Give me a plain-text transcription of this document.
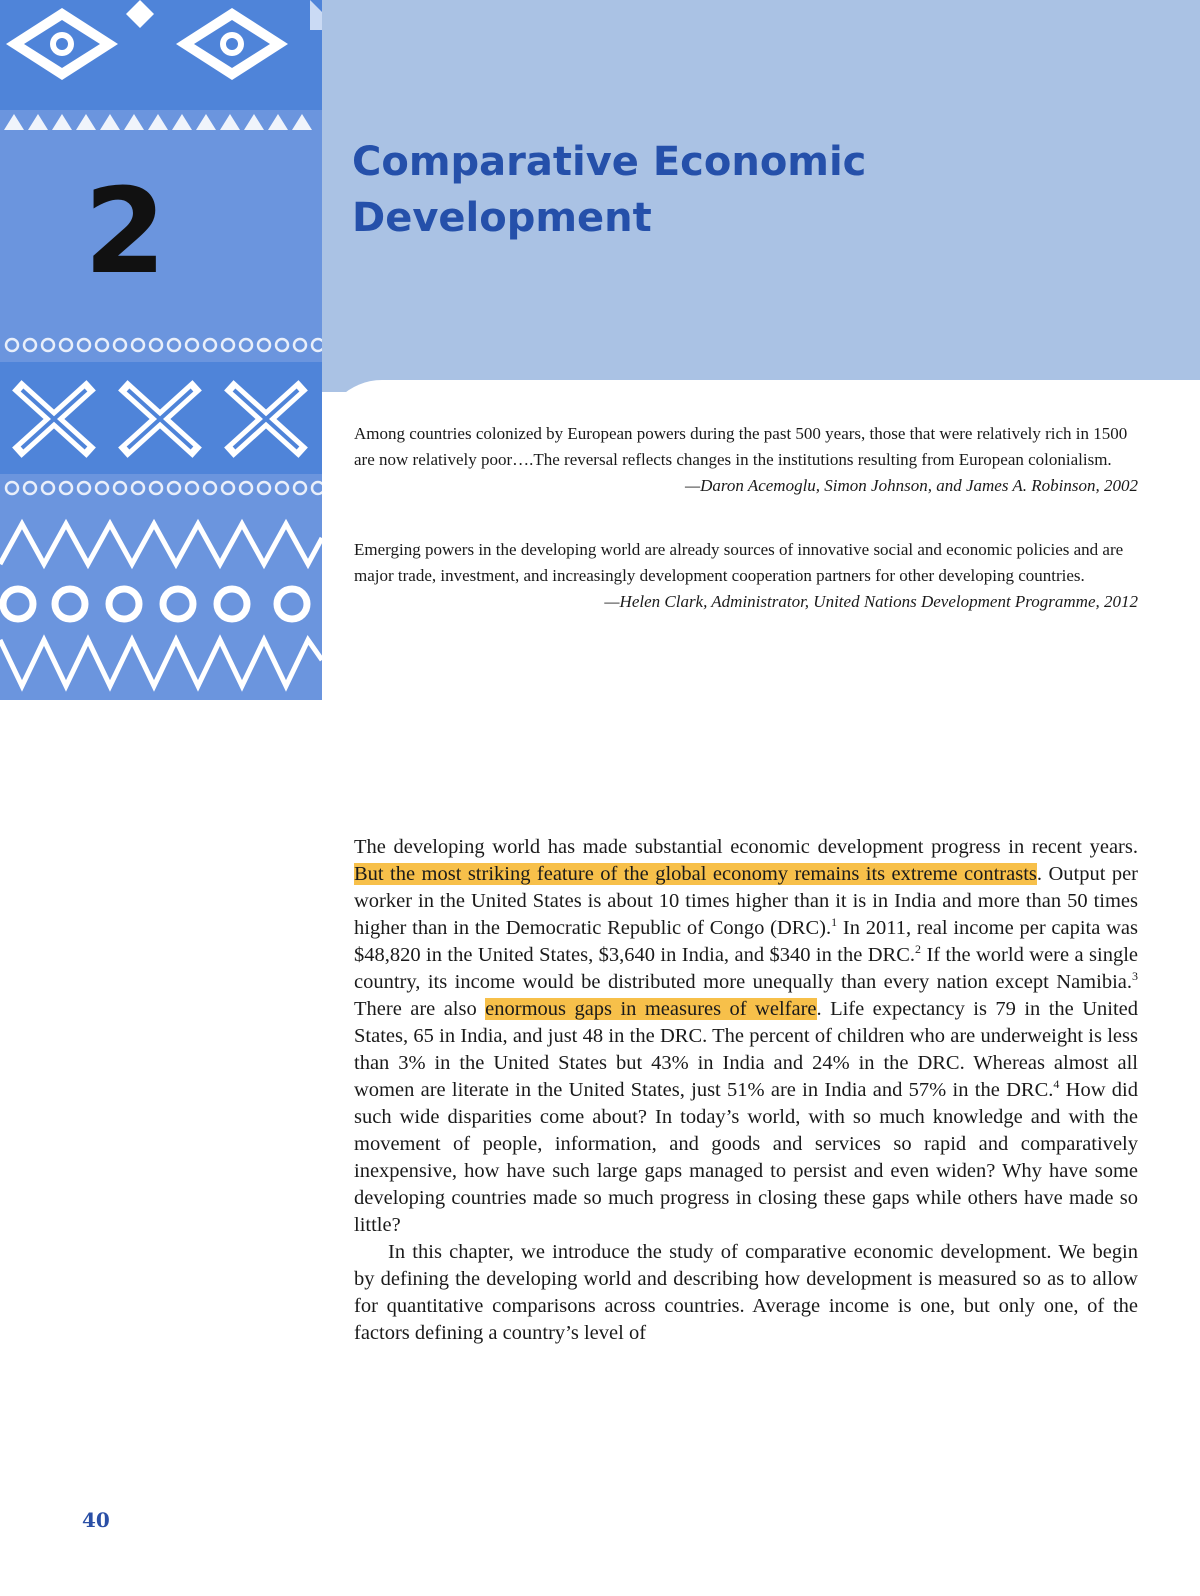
2	Comparative Economic
Development

Among countries colonized by European powers during the past 500 years, those that were relatively rich in 1500 are now relatively poor….The reversal reflects changes in the institutions resulting from European colonialism.

—Daron Acemoglu, Simon Johnson, and James A. Robinson, 2002

Emerging powers in the developing world are already sources of innovative social and economic policies and are major trade, investment, and increasingly development cooperation partners for other developing countries.

—Helen Clark, Administrator, United Nations Development Programme, 2012

The developing world has made substantial economic development progress in recent years. But the most striking feature of the global economy remains its extreme contrasts. Output per worker in the United States is about 10 times higher than it is in India and more than 50 times higher than in the Democratic Republic of Congo (DRC).$^1$ In 2011, real income per capita was $48,820 in the United States, $3,640 in India, and $340 in the DRC.$^2$ If the world were a single country, its income would be distributed more unequally than every nation except Namibia.$^3$ There are also enormous gaps in measures of welfare. Life expectancy is 79 in the United States, 65 in India, and just 48 in the DRC. The percent of children who are underweight is less than 3% in the United States but 43% in India and 24% in the DRC. Whereas almost all women are literate in the United States, just 51% are in India and 57% in the DRC.$^4$ How did such wide disparities come about? In today’s world, with so much knowledge and with the movement of people, information, and goods and services so rapid and comparatively inexpensive, how have such large gaps managed to persist and even widen? Why have some developing countries made so much progress in closing these gaps while others have made so little?

In this chapter, we introduce the study of comparative economic development. We begin by defining the developing world and describing how development is measured so as to allow for quantitative comparisons across countries. Average income is one, but only one, of the factors defining a country’s level of

40
